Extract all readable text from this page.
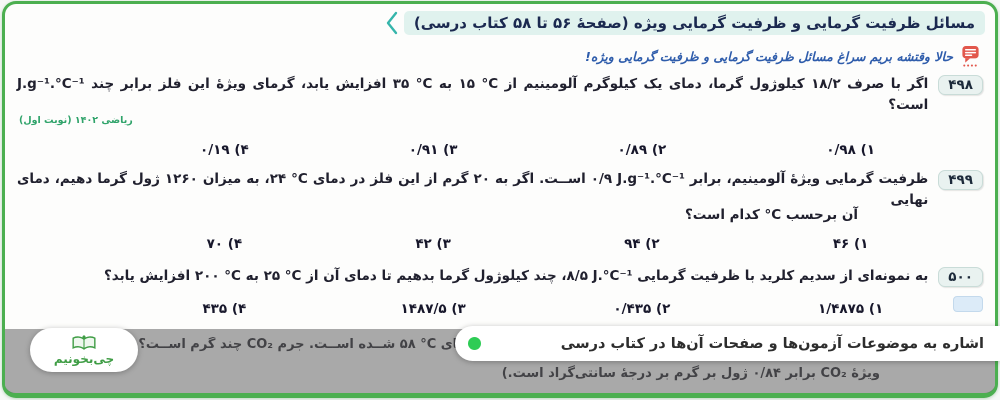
مسائل ظرفیت گرمایی و ظرفیت گرمایی ویژه (صفحهٔ ۵۶ تا ۵۸ کتاب درسی)
حالا وقتشه بریم سراغ مسائل ظرفیت گرمایی و ظرفیت گرمایی ویژه!
۴۹۸
اگر با صرف ۱۸/۲ کیلوژول گرما، دمای یک کیلوگرم آلومینیم از ۱۵ °C به ۳۵ °C افزایش یابد، گرمای ویژهٔ این فلز برابر چند J.g⁻¹.°C⁻¹ است؟
ریاضی ۱۴۰۲ (نوبت اول)
۱) ۰/۹۸
۲) ۰/۸۹
۳) ۰/۹۱
۴) ۰/۱۹
۴۹۹
ظرفیت گرمایی ویژهٔ آلومینیم، برابر ۰/۹ J.g⁻¹.°C⁻¹ اســت. اگر به ۲۰ گرم از این فلز در دمای ۲۴ °C، به میزان ۱۲۶۰ ژول گرما دهیم، دمای نهایی
آن برحسب °C کدام است؟
۱) ۴۶
۲) ۹۴
۳) ۴۲
۴) ۷۰
۵۰۰
به نمونه‌ای از سدیم کلرید با ظرفیت گرمایی ۸/۵ J.°C⁻¹، چند کیلوژول گرما بدهیم تا دمای آن از ۲۵ °C به ۲۰۰ °C افزایش یابد؟
۱) ۱/۴۸۷۵
۲) ۰/۴۳۵
۳) ۱۴۸۷/۵
۴) ۴۳۵
اشاره به موضوعات آزمون‌ها و صفحات آن‌ها در کتاب درسی
چی‌بخونیم
